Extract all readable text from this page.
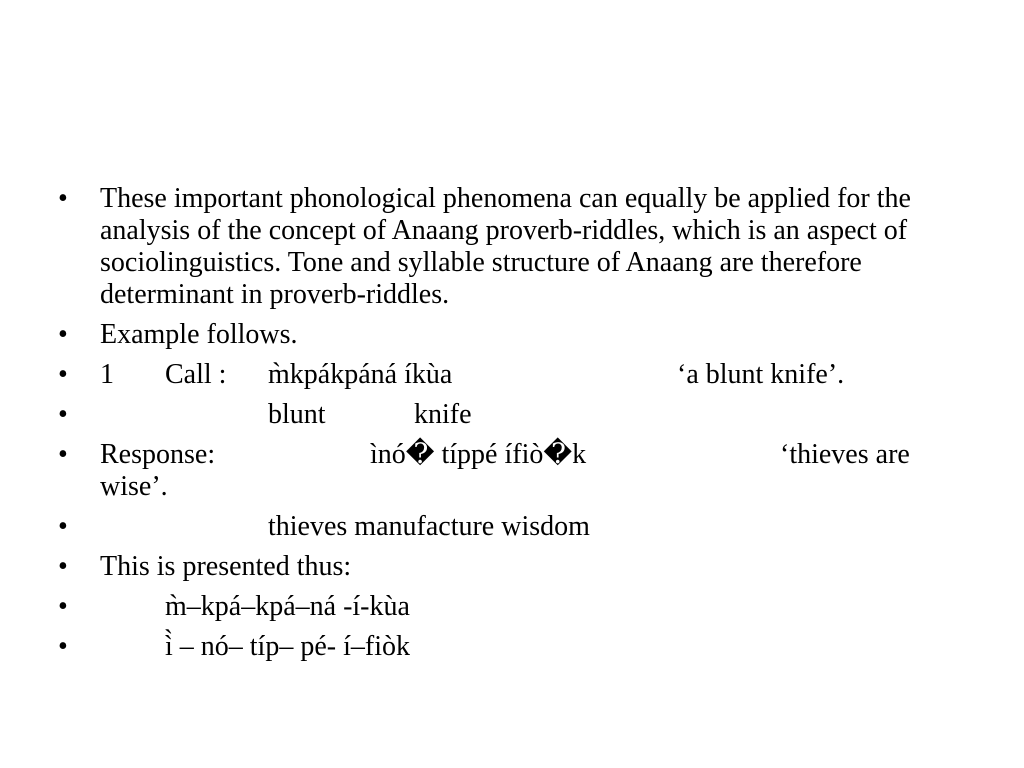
•	These important phonological phenomena can equally be applied for the analysis of the concept of Anaang proverb-riddles, which is an aspect of sociolinguistics. Tone and syllable structure of Anaang are therefore determinant in proverb-riddles.
•	Example follows.
•	1 Call : m̀kpákpáná íkùa	‘a blunt knife’.
•	blunt	knife
•	Response:	ìnó� típpé ífiò�k	‘thieves are
wise’.
•	thieves manufacture wisdom
•	This is presented thus:
•	m̀–kpá–kpá–ná -í-kùa
•	ì̀ – nó– típ– pé- í–fiòk
